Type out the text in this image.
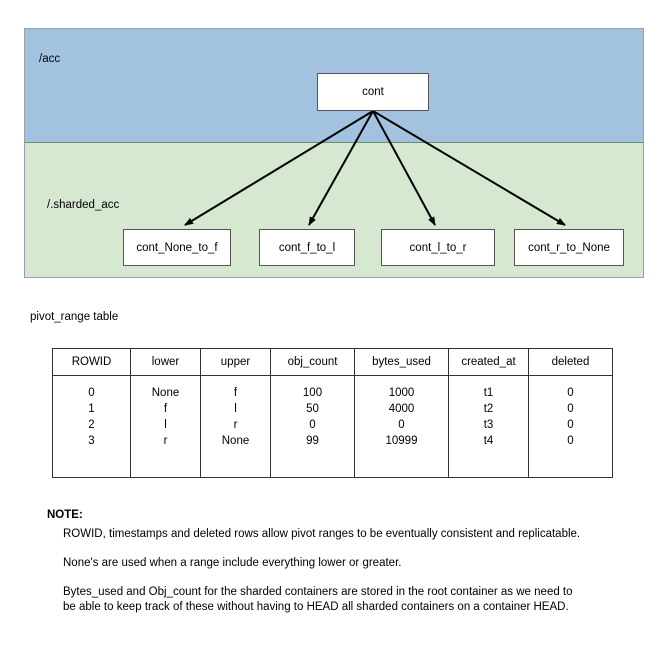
/acc
/.sharded_acc
cont
cont_None_to_f	cont_f_to_l	cont_l_to_r	cont_r_to_None
pivot_range table
ROWID	lower	upper	obj_count	bytes_used	created_at	deleted
0	None	f	100	1000	t1	0
1	f	l	50	4000	t2	0
2	l	r	0	0	t3	0
3	r	None	99	10999	t4	0
NOTE:

ROWID, timestamps and deleted rows allow pivot ranges to be eventually consistent and replicatable.

None's are used when a range include everything lower or greater.

Bytes_used and Obj_count for the sharded containers are stored in the root container as we need to be able to keep track of these without having to HEAD all sharded containers on a container HEAD.
